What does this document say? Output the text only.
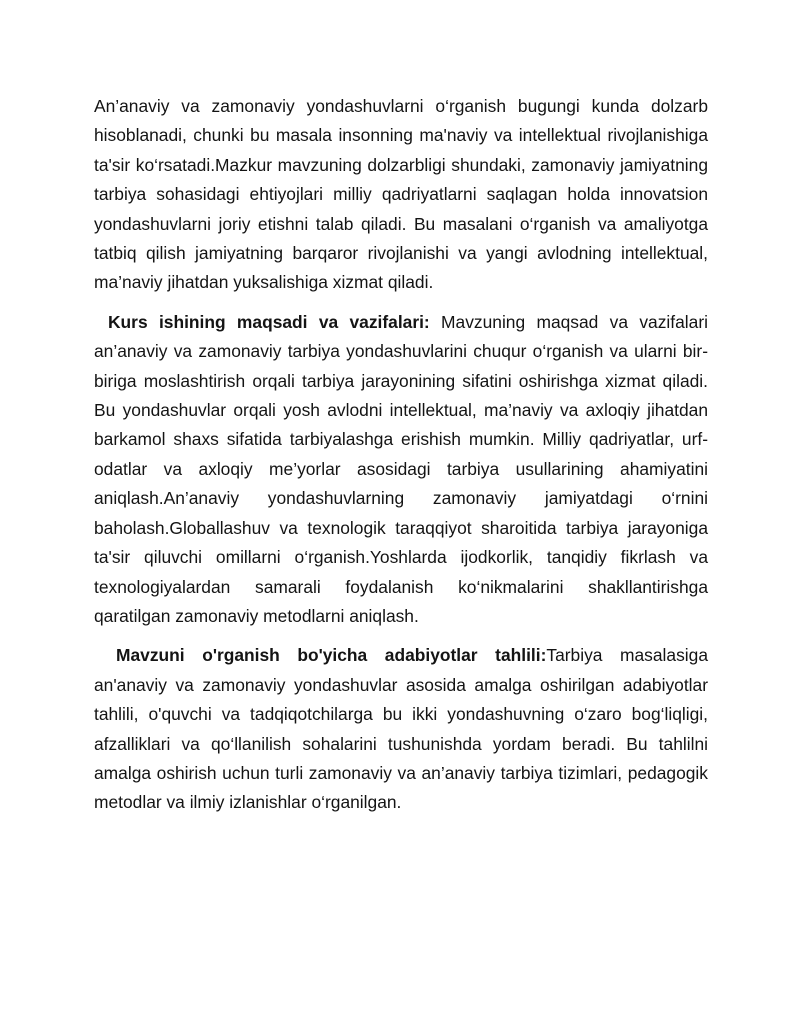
An’anaviy va zamonaviy yondashuvlarni o‘rganish bugungi kunda dolzarb hisoblanadi, chunki bu masala insonning ma'naviy va intellektual rivojlanishiga ta'sir ko‘rsatadi.Mazkur mavzuning dolzarbligi shundaki, zamonaviy jamiyatning tarbiya sohasidagi ehtiyojlari milliy qadriyatlarni saqlagan holda innovatsion yondashuvlarni joriy etishni talab qiladi. Bu masalani o‘rganish va amaliyotga tatbiq qilish jamiyatning barqaror rivojlanishi va yangi avlodning intellektual, ma’naviy jihatdan yuksalishiga xizmat qiladi.

Kurs ishining maqsadi va vazifalari: Mavzuning maqsad va vazifalari an’anaviy va zamonaviy tarbiya yondashuvlarini chuqur o‘rganish va ularni bir-biriga moslashtirish orqali tarbiya jarayonining sifatini oshirishga xizmat qiladi. Bu yondashuvlar orqali yosh avlodni intellektual, ma’naviy va axloqiy jihatdan barkamol shaxs sifatida tarbiyalashga erishish mumkin. Milliy qadriyatlar, urf-odatlar va axloqiy me’yorlar asosidagi tarbiya usullarining ahamiyatini aniqlash.An’anaviy yondashuvlarning zamonaviy jamiyatdagi o‘rnini baholash.Globallashuv va texnologik taraqqiyot sharoitida tarbiya jarayoniga ta'sir qiluvchi omillarni o‘rganish.Yoshlarda ijodkorlik, tanqidiy fikrlash va texnologiyalardan samarali foydalanish ko‘nikmalarini shakllantirishga qaratilgan zamonaviy metodlarni aniqlash.

Mavzuni o'rganish bo'yicha adabiyotlar tahlili:Tarbiya masalasiga an'anaviy va zamonaviy yondashuvlar asosida amalga oshirilgan adabiyotlar tahlili, o'quvchi va tadqiqotchilarga bu ikki yondashuvning o‘zaro bog‘liqligi, afzalliklari va qo‘llanilish sohalarini tushunishda yordam beradi. Bu tahlilni amalga oshirish uchun turli zamonaviy va an’anaviy tarbiya tizimlari, pedagogik metodlar va ilmiy izlanishlar o‘rganilgan.
